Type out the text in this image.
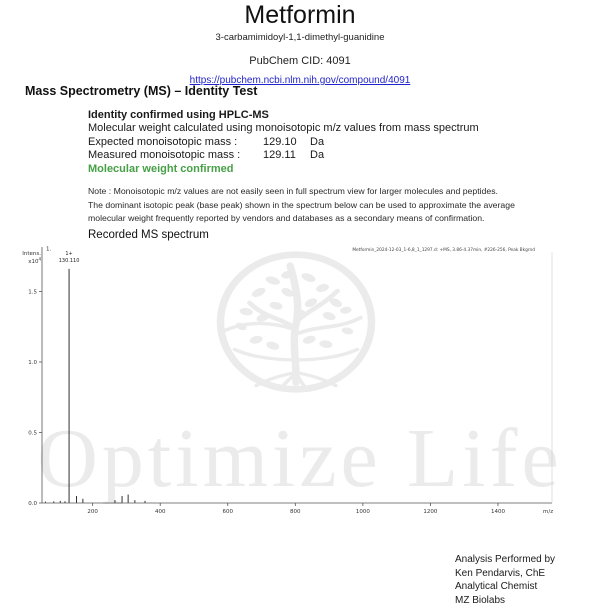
Metformin
3-carbamimidoyl-1,1-dimethyl-guanidine
PubChem CID: 4091
https://pubchem.ncbi.nlm.nih.gov/compound/4091
Mass Spectrometry (MS) – Identity Test
Identity confirmed using HPLC-MS
Molecular weight calculated using monoisotopic m/z values from mass spectrum
Expected monoisotopic mass :	129.10	Da
Measured monoisotopic mass :	129.11	Da
Molecular weight confirmed
Note : Monoisotopic m/z values are not easily seen in full spectrum view for larger molecules and peptides.
The dominant isotopic peak (base peak) shown in the spectrum below can be used to approximate the average
molecular weight frequently reported by vendors and databases as a secondary means of confirmation.
Recorded MS spectrum
Optimize Life
Intens.
$x10^4$
1.	Metformin_2024-12-03_1-6,8_1_1297.d: +MS, 3.86-4.37min, #226-256, Peak Bkgrnd
200	400	600	800	1000	1200	1400
0.0
0.5
1.0
1.5
m/z
1+
130.110
Analysis Performed by
Ken Pendarvis, ChE
Analytical Chemist
MZ Biolabs
